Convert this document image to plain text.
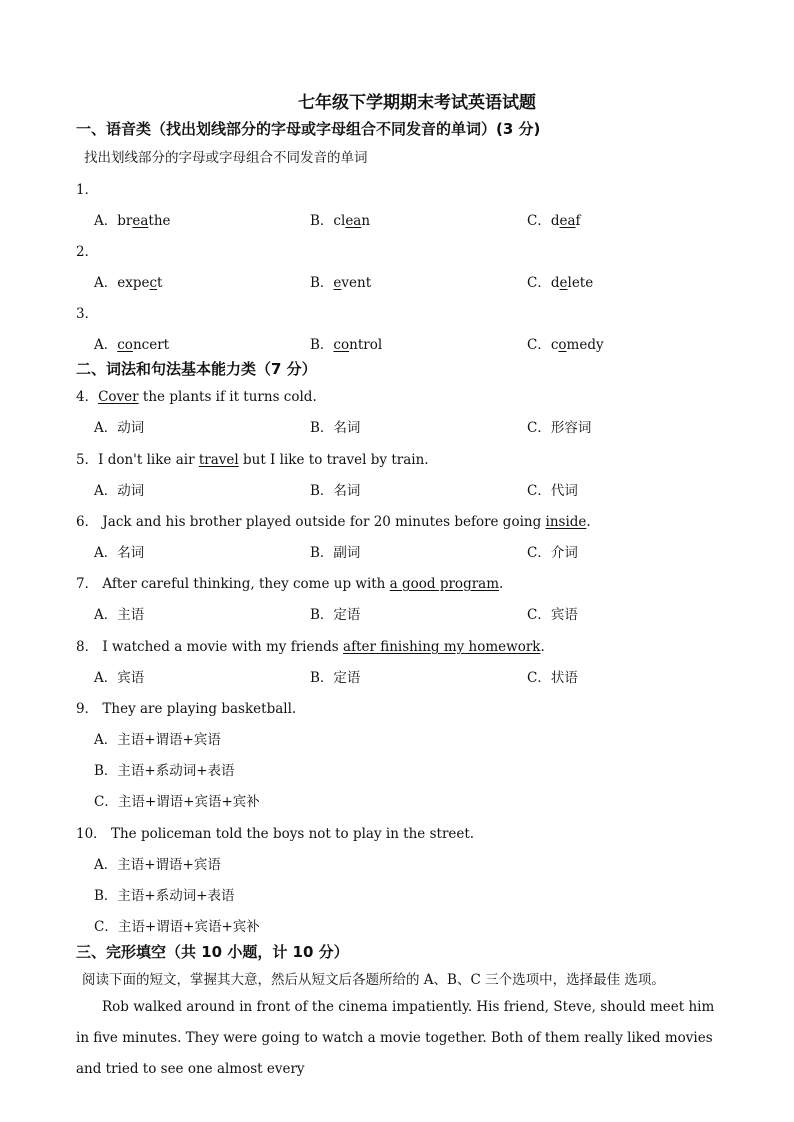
七年级下学期期末考试英语试题
一、语音类（找出划线部分的字母或字母组合不同发音的单词）(3 分)
找出划线部分的字母或字母组合不同发音的单词
1．
A．breathe	B．clean	C．deaf
2．
A．expect	B．event	C．delete
3．
A．concert	B．control	C．comedy
二、词法和句法基本能力类（7 分）
4．Cover the plants if it turns cold.
A．动词	B．名词	C．形容词
5．I don't like air travel but I like to travel by train.
A．动词	B．名词	C．代词
6． Jack and his brother played outside for 20 minutes before going inside.
A．名词	B．副词	C．介词
7． After careful thinking, they come up with a good program.
A．主语	B．定语	C．宾语
8． I watched a movie with my friends after finishing my homework.
A．宾语	B．定语	C．状语
9． They are playing basketball.
A．主语+谓语+宾语
B．主语+系动词+表语
C．主语+谓语+宾语+宾补
10． The policeman told the boys not to play in the street.
A．主语+谓语+宾语
B．主语+系动词+表语
C．主语+谓语+宾语+宾补
三、完形填空（共 10 小题，计 10 分）
阅读下面的短文，掌握其大意，然后从短文后各题所给的 A、B、C 三个选项中，选择最佳 选项。
Rob walked around in front of the cinema impatiently. His friend, Steve, should meet him in five minutes. They were going to watch a movie together. Both of them really liked movies and tried to see one almost every
